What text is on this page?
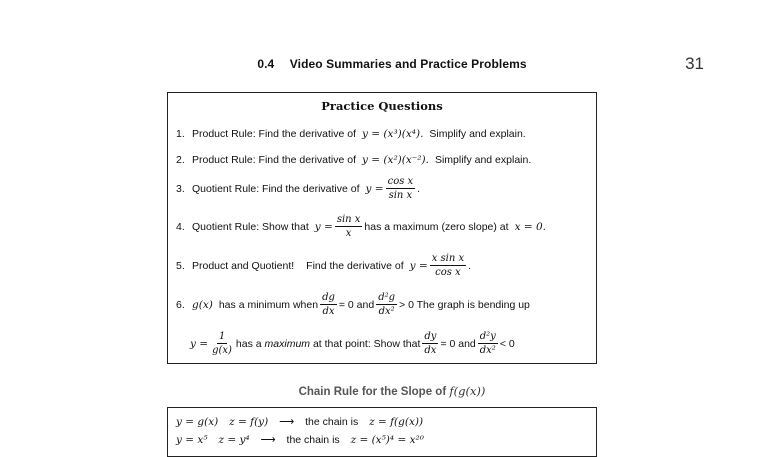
0.4 Video Summaries and Practice Problems	31
Practice Questions
1. Product Rule: Find the derivative of y = (x³)(x⁴). Simplify and explain.
2. Product Rule: Find the derivative of y = (x²)(x⁻²). Simplify and explain.
3. Quotient Rule: Find the derivative of $y = \frac{\text{cos x}}{\text{sin x}}$ .
4. Quotient Rule: Show that $y = \frac{\text{sin x}}{x}$ has a maximum (zero slope) at x = 0.
5. Product and Quotient! Find the derivative of $y = \frac{\text{x sin x}}{\text{cos x}}$ .
6. g(x) has a minimum when $\frac{dg}{dx} = 0$ and $\frac{\text{d²g}}{\text{dx²}} > 0$ The graph is bending up
$y = \frac{1}{g(x)}$ has a
maximum
at that point: Show that $\frac{dy}{dx} = 0$ and $\frac{\text{d²y}}{\text{dx²}} < 0$
Chain Rule for the Slope of f(g(x))
y = g(x) z = f(y) ⟶ the chain is z = f(g(x))
y = x⁵ z = y⁴ ⟶ the chain is z = (x⁵)⁴ = x²⁰
